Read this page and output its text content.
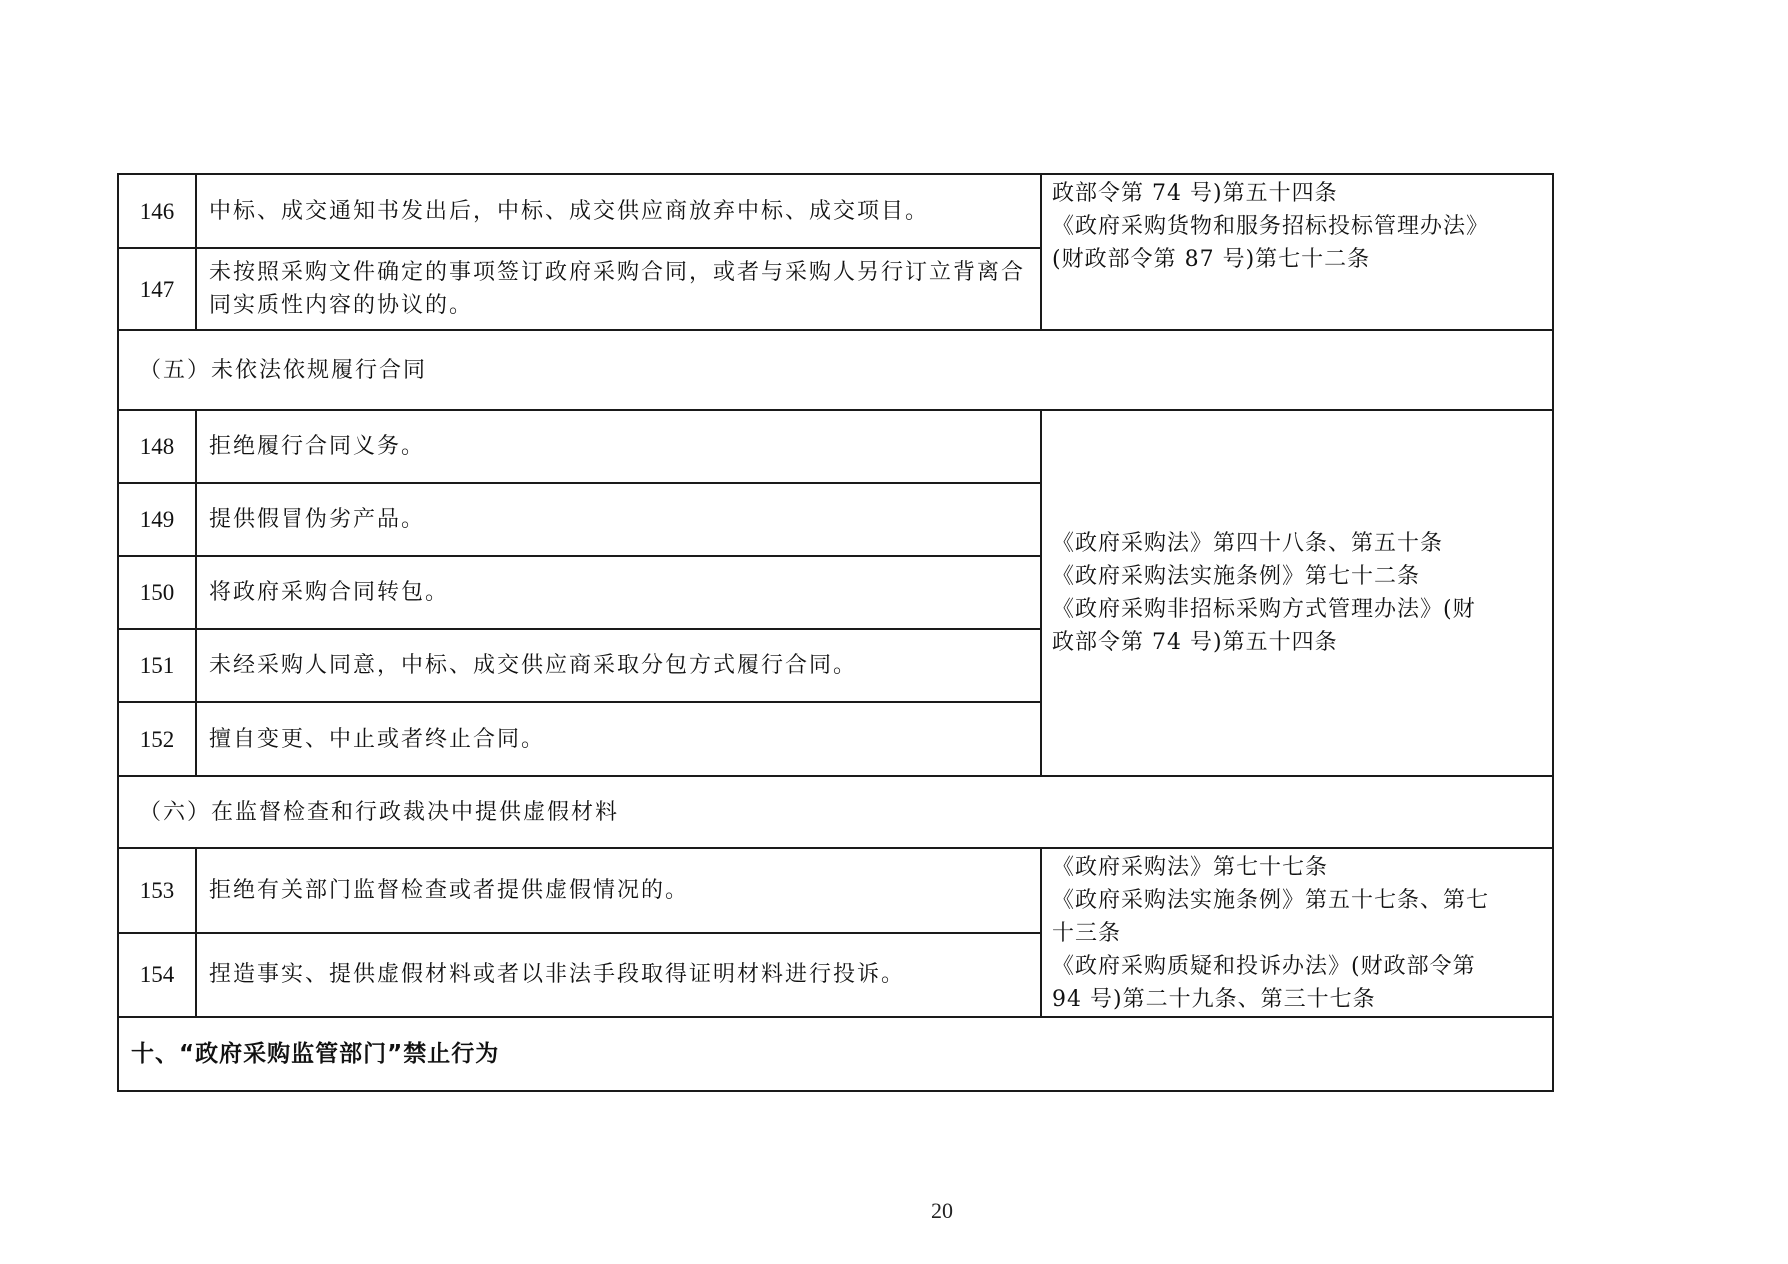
146	中标、成交通知书发出后，中标、成交供应商放弃中标、成交项目。	政部令第 74 号)第五十四条
《政府采购货物和服务招标投标管理办法》
(财政部令第 87 号)第七十二条

147	未按照采购文件确定的事项签订政府采购合同，或者与采购人另行订立背离合同实质性内容的协议的。	
（五）未依法依规履行合同		
148	拒绝履行合同义务。	《政府采购法》第四十八条、第五十条
《政府采购法实施条例》第七十二条
《政府采购非招标采购方式管理办法》(财
政部令第 74 号)第五十四条

149	提供假冒伪劣产品。	
150	将政府采购合同转包。	
151	未经采购人同意，中标、成交供应商采取分包方式履行合同。	
152	擅自变更、中止或者终止合同。	
（六）在监督检查和行政裁决中提供虚假材料		
153	拒绝有关部门监督检查或者提供虚假情况的。	《政府采购法》第七十七条
《政府采购法实施条例》第五十七条、第七
十三条
《政府采购质疑和投诉办法》(财政部令第
94 号)第二十九条、第三十七条

154	捏造事实、提供虚假材料或者以非法手段取得证明材料进行投诉。	
十、“政府采购监管部门”禁止行为		
20
